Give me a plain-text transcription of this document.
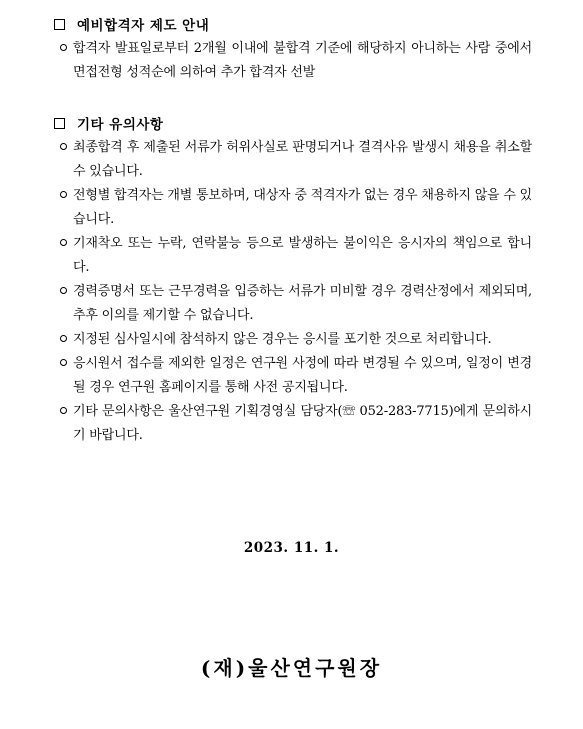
예비합격자 제도 안내
합격자 발표일로부터 2개월 이내에 불합격 기준에 해당하지 아니하는 사람 중에서 면접전형 성적순에 의하여 추가 합격자 선발
기타 유의사항
최종합격 후 제출된 서류가 허위사실로 판명되거나 결격사유 발생시 채용을 취소할 수 있습니다.
전형별 합격자는 개별 통보하며, 대상자 중 적격자가 없는 경우 채용하지 않을 수 있습니다.
기재착오 또는 누락, 연락불능 등으로 발생하는 불이익은 응시자의 책임으로 합니다.
경력증명서 또는 근무경력을 입증하는 서류가 미비할 경우 경력산정에서 제외되며, 추후 이의를 제기할 수 없습니다.
지정된 심사일시에 참석하지 않은 경우는 응시를 포기한 것으로 처리합니다.
응시원서 접수를 제외한 일정은 연구원 사정에 따라 변경될 수 있으며, 일정이 변경될 경우 연구원 홈페이지를 통해 사전 공지됩니다.
기타 문의사항은 울산연구원 기획경영실 담당자(☏ 052-283-7715)에게 문의하시기 바랍니다.
2023. 11. 1.
(재)울산연구원장
